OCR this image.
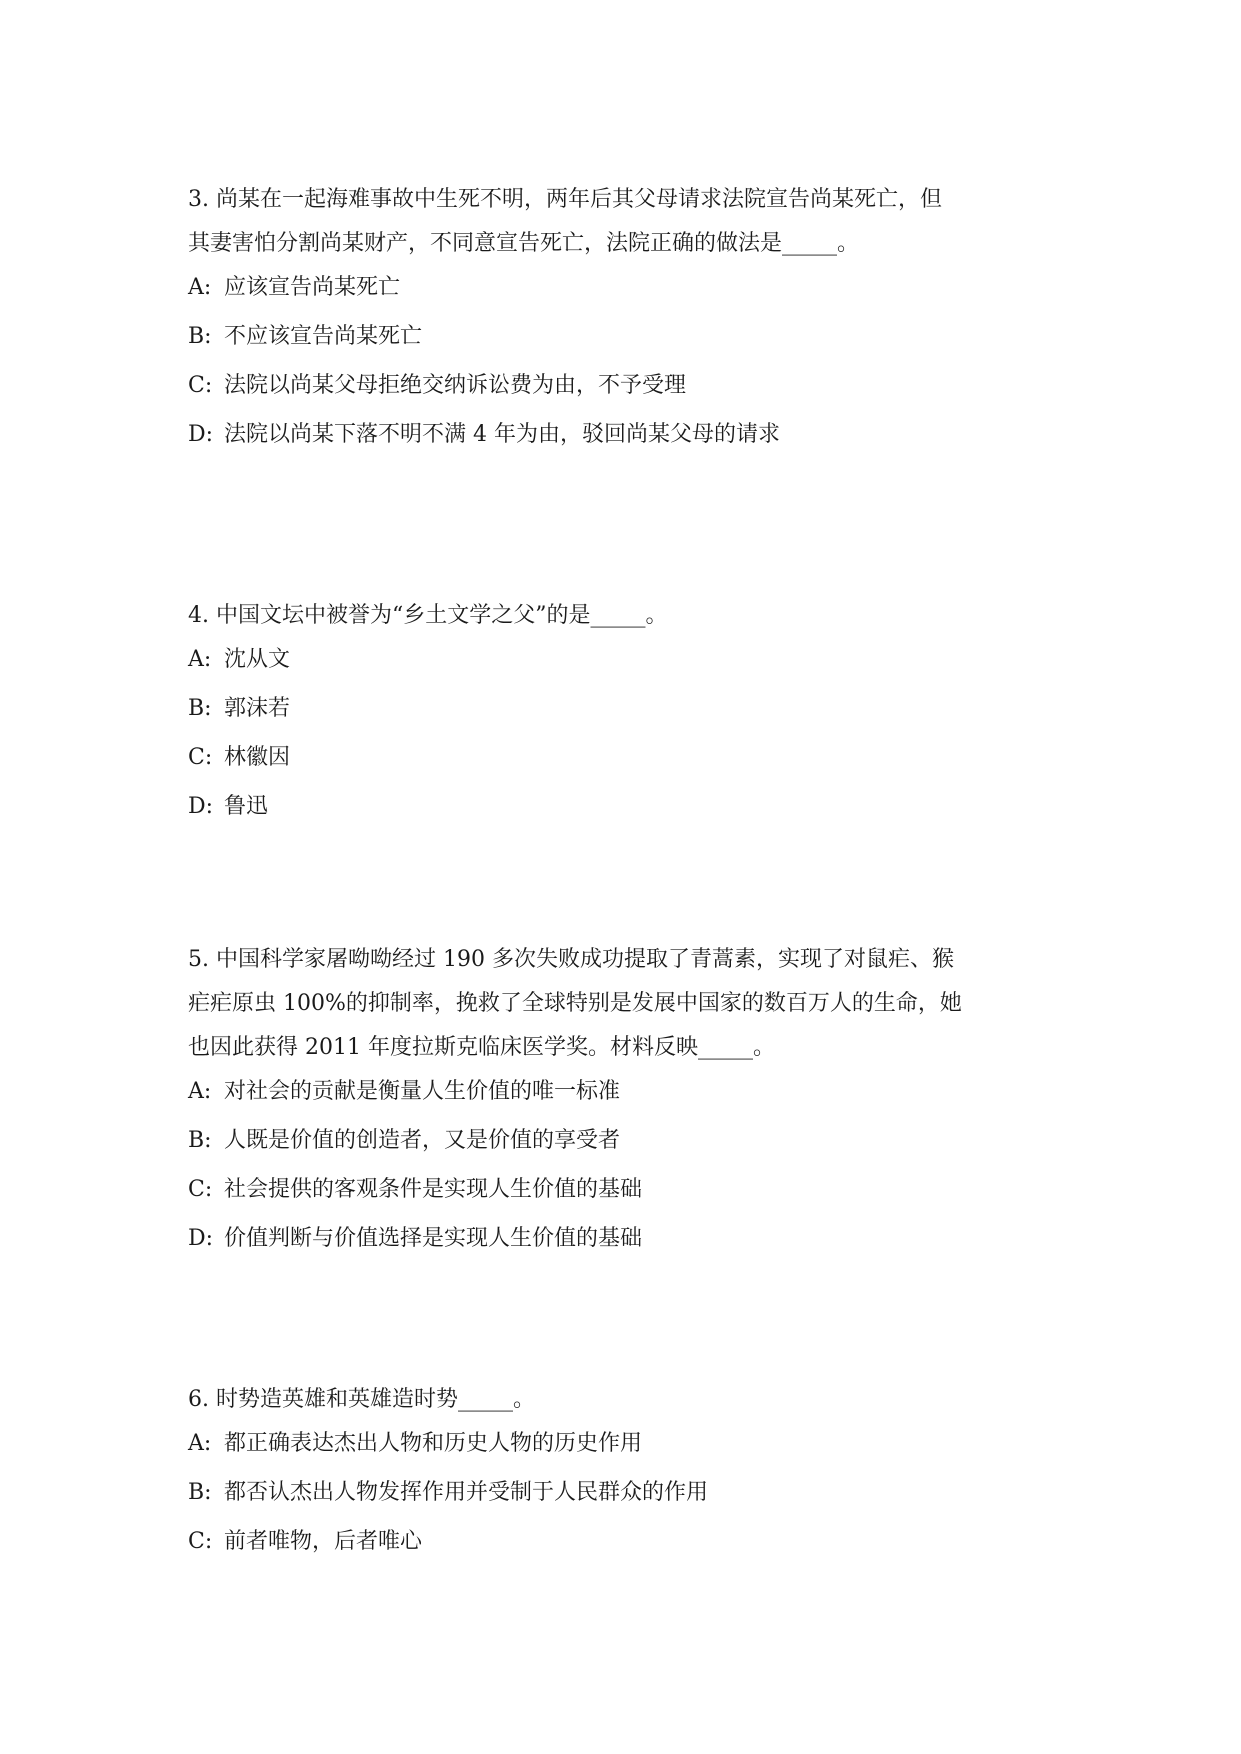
3. 尚某在一起海难事故中生死不明，两年后其父母请求法院宣告尚某死亡，但
其妻害怕分割尚某财产，不同意宣告死亡，法院正确的做法是_____。
A: 应该宣告尚某死亡
B: 不应该宣告尚某死亡
C: 法院以尚某父母拒绝交纳诉讼费为由，不予受理
D: 法院以尚某下落不明不满 4 年为由，驳回尚某父母的请求
4. 中国文坛中被誉为“乡土文学之父”的是_____。
A: 沈从文
B: 郭沫若
C: 林徽因
D: 鲁迅
5. 中国科学家屠呦呦经过 190 多次失败成功提取了青蒿素，实现了对鼠疟、猴
疟疟原虫 100%的抑制率，挽救了全球特别是发展中国家的数百万人的生命，她
也因此获得 2011 年度拉斯克临床医学奖。材料反映_____。
A: 对社会的贡献是衡量人生价值的唯一标准
B: 人既是价值的创造者，又是价值的享受者
C: 社会提供的客观条件是实现人生价值的基础
D: 价值判断与价值选择是实现人生价值的基础
6. 时势造英雄和英雄造时势_____。
A: 都正确表达杰出人物和历史人物的历史作用
B: 都否认杰出人物发挥作用并受制于人民群众的作用
C: 前者唯物，后者唯心
